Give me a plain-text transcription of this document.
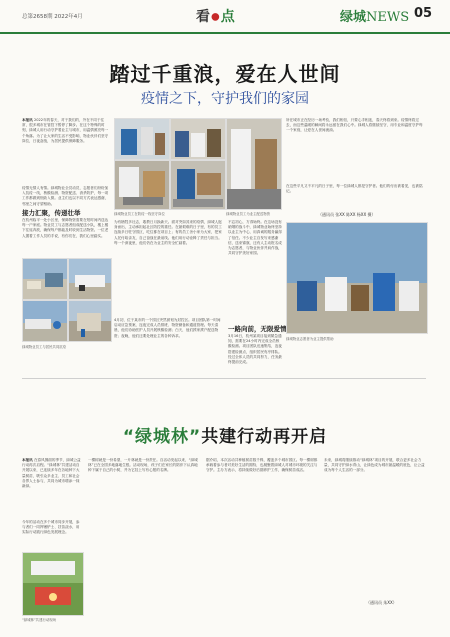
总第2658期 2022年4月	看●点	绿城NEWS 05
踏过千重浪，爱在人世间
疫情之下，守护我们的家园
本报讯 2022年的春天，对于我们的，外在不同于往常，很多城市在管控下暂停了脚步。在这个特殊的时刻，绿城人用行动守护着业主与城市，用温情照亮每一个角落。为了让大家的生活不受影响，物业伙伴们坚守岗位，日夜奋战，为居民提供保障服务。
疫情无情人有情。绿城物业全员动员，志愿者们纷纷加入抗疫一线，核酸检测、物资配送、消杀防护，每一项工作都做到细致入微。业主们也以不同方式表达感谢，邻里之间守望相助。
接力汇聚，传递壮举
在杭州临平一处小区里，保障物资需要在短时间内送达每一户家庭。物业员工与志愿者组成配送小队，楼上楼下往返奔波，确保每户都能及时收到生活物资。一位老人握着工作人员的手说，有你们在，我们心里踏实。
绿城物业员工与居民共同抗疫
绿城物业员工在防疫一线坚守岗位	绿城物业员工为业主配送物资
为有牺牲多壮志，敢教日月换新天。面对突如其来的疫情，绿城人挺身而出，主动承担起社区防控的重任。在最艰难的日子里，有的员工连续多日驻守园区，吃住都在项目上；有的员工舍小家为大家，把家人托付给亲友，自己奋战在最前线。他们用行动诠释了责任与担当。每一个深夜里，他们仍在为业主的安全忙碌着。
4月初，位于某市的一个园区突然被划为封控区。项目团队第一时间启动应急预案，连夜完成人员排班、物资储备和通道管理。每天清晨，他们协助医护人员开展核酸检测；白天，他们挨家挨户配送物资；夜晚，他们还要处理业主的各种诉求。
不忘初心，方得始终。在这场没有硝烟的战斗中，绿城物业始终坚持以业主为中心，用真诚的服务赢得了信任。不少业主自发写来感谢信，送来锦旗，还有人主动报名成为志愿者，与物业伙伴并肩作战，共同守护美好家园。
一路向前，无限爱情
3月16日，杭州某项目接到紧急通知，需要在24小时内完成全员核酸检测。项目团队迅速集结，连夜搭建检测点，组织居民有序排队。经过全体人员的共同努力，任务最终提前完成。
所在城市正在经历一场考验，我们相信，只要心手相连，春天终将到来。疫情终将过去，而这些温暖的瞬间将永远留在我们心中。绿城人将继续坚守，用专业和温度守护每一个家庭，让爱在人世间流淌。
在这些平凡又不平凡的日子里，每一位绿城人都是守护者。他们的付出被看见，也被铭记。
（通讯员 张XX 陈XX 杨XX 摄）
绿城物业志愿者为业主提供帮助
“绿城林”共建行动再开启
本报讯 在春风拂面的季节，绿城公益行动再次启程。“绿城林”共建活动自开展以来，已连续多年在各地种下大量树苗，吸引众多业主、员工和社会各界人士参与，共同为城市增添一抹新绿。
今年的活动在多个城市同步开展，参与者们一同挥锹铲土、扶苗浇水，用实际行动践行绿色发展理念。
“绿城林”共建行动现场
一棵树就是一份希望，一片林就是一份责任。自活动发起以来，“绿城林”已在全国多地落地生根。活动现场，孩子们在家长的陪伴下认真地种下属于自己的小树，并为它挂上写有心愿的名牌。
据介绍，本次活动共种植树苗数千株，覆盖多个城市园区。每一棵树都承载着参与者对美好生活的期待，也凝聚着绿城人对城市环境的关注与守护。主办方表示，将持续做好后期养护工作，确保树苗成活。
未来，绿城将继续推动“绿城林”项目的开展，联合更多社会力量，共同守护绿水青山，让绿色成为城市最温暖的底色，让公益成为每个人生活的一部分。
（通讯员 朱XX）
